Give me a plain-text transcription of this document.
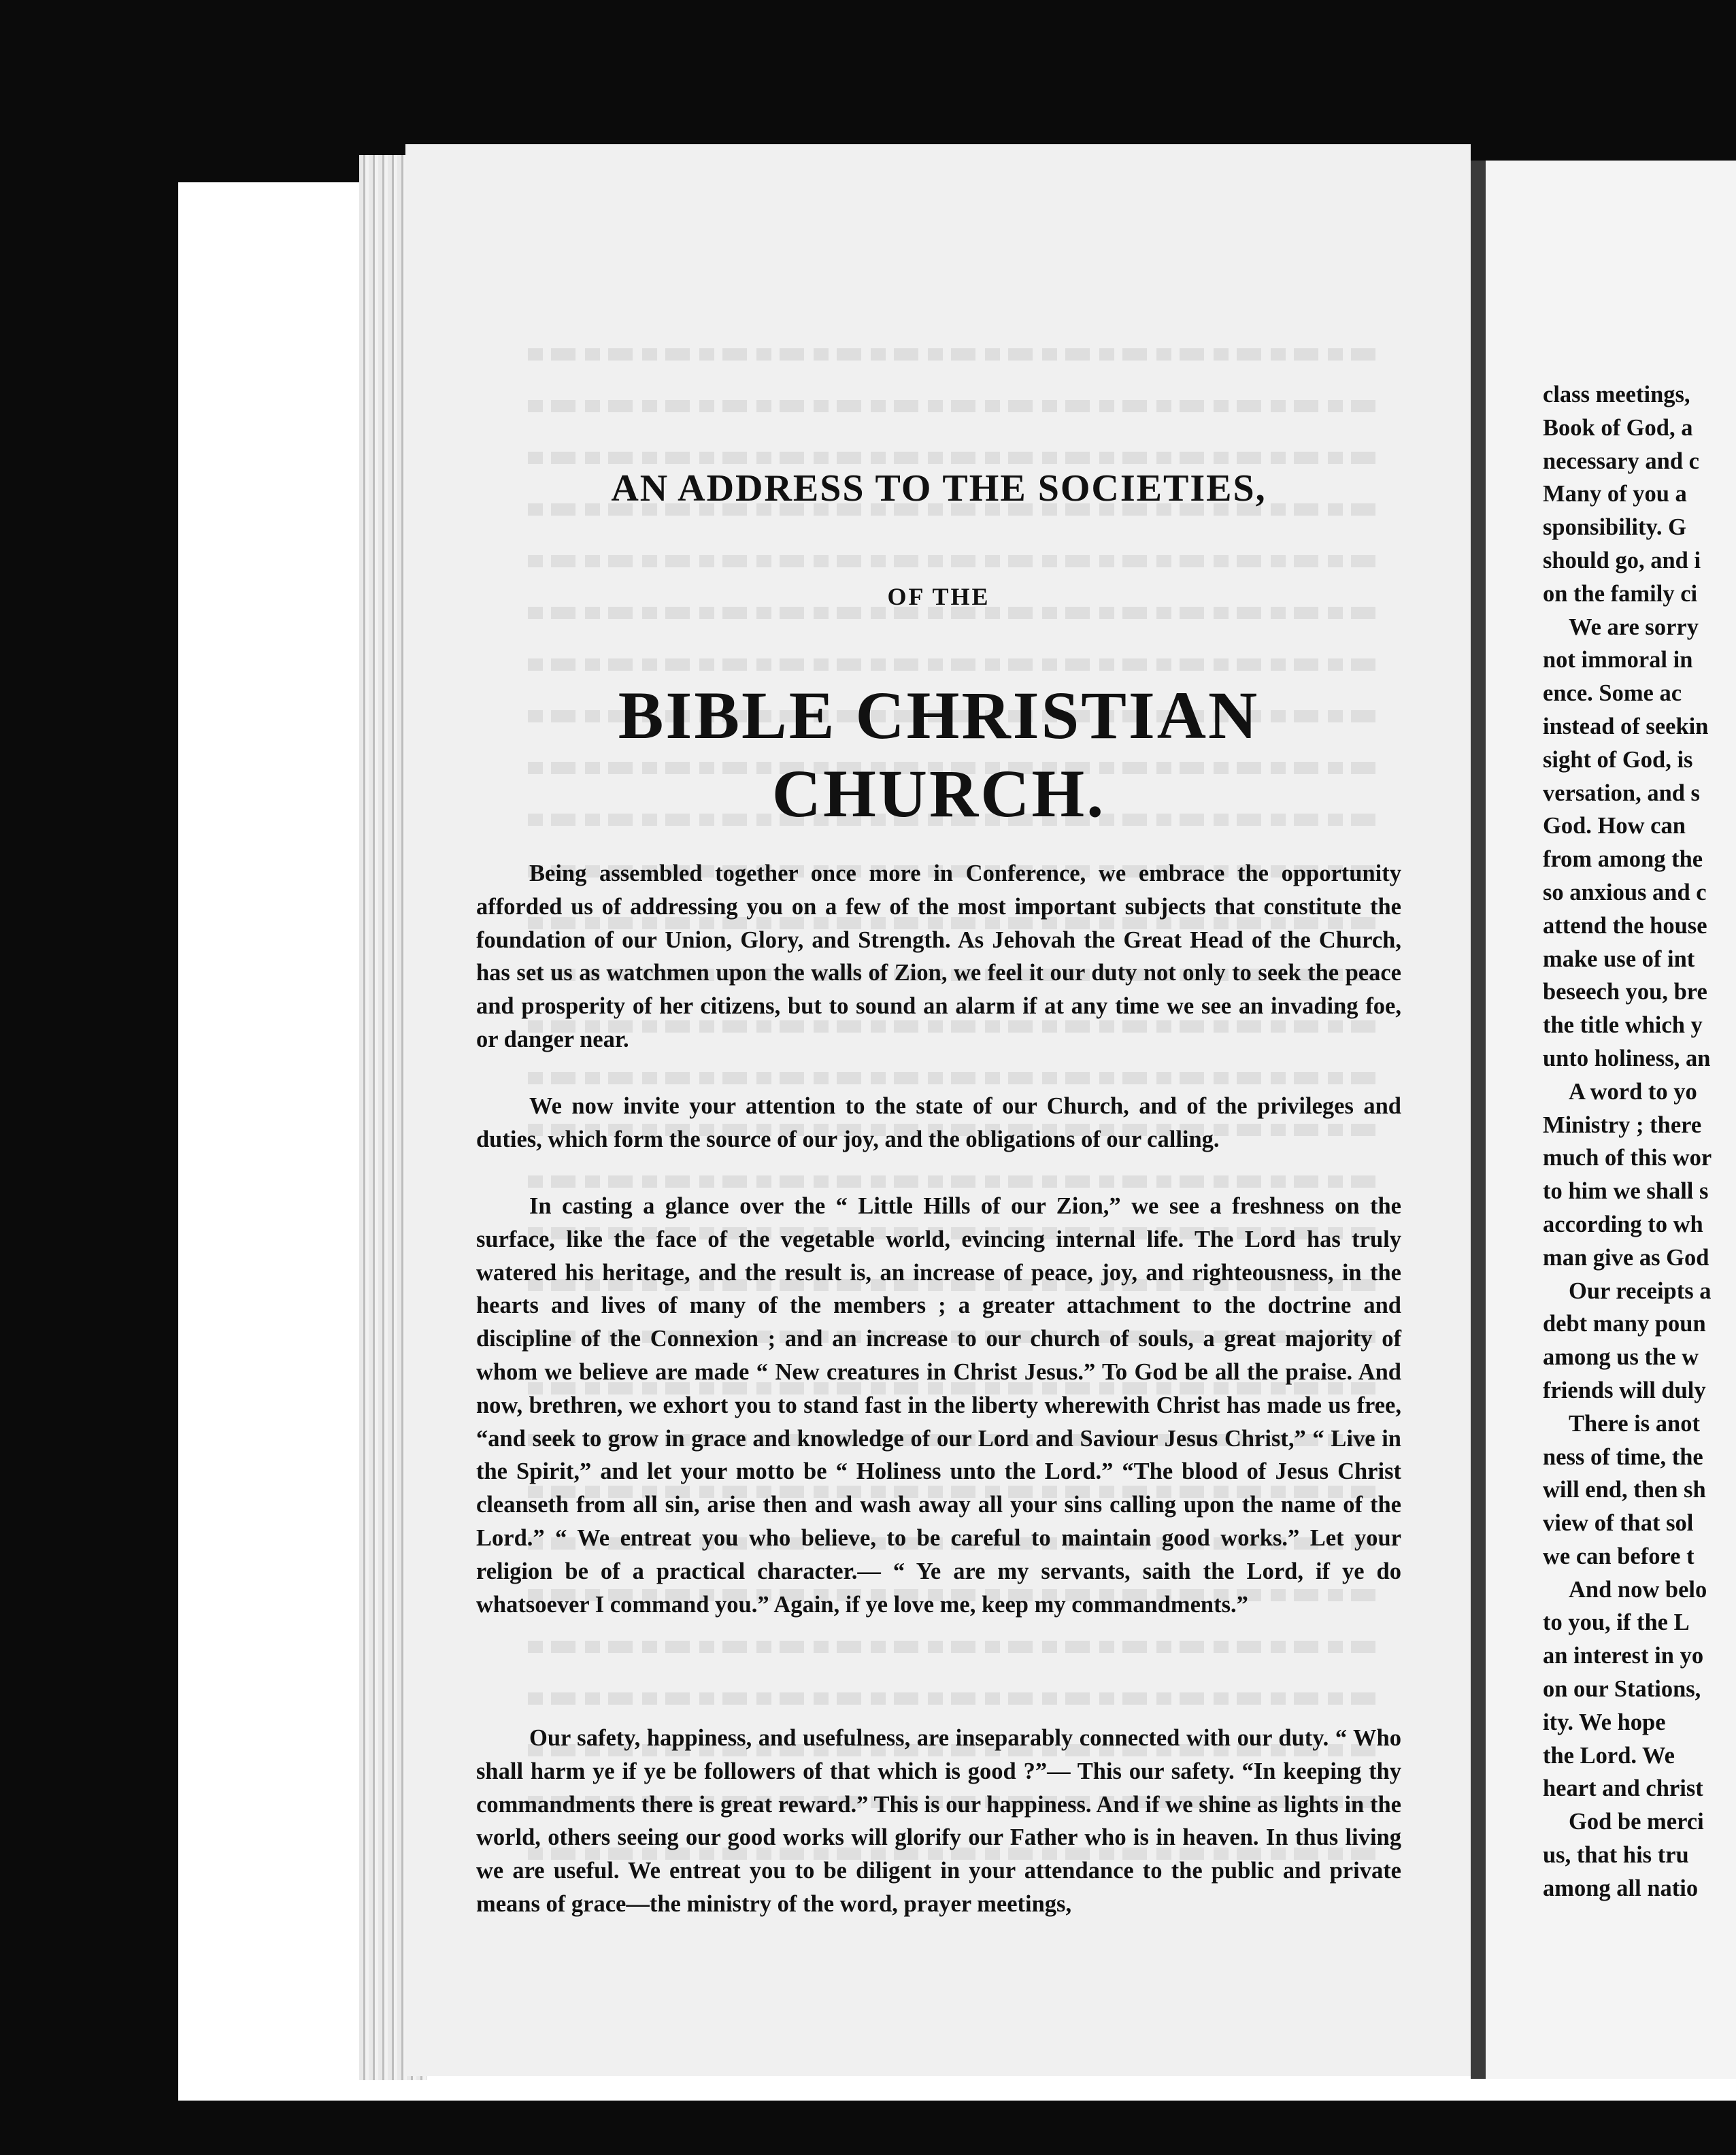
AN ADDRESS TO THE SOCIETIES,
OF THE
BIBLE CHRISTIAN CHURCH.

Being assembled together once more in Conference, we embrace the opportunity afforded us of addressing you on a few of the most important subjects that constitute the foundation of our Union, Glory, and Strength. As Jehovah the Great Head of the Church, has set us as watchmen upon the walls of Zion, we feel it our duty not only to seek the peace and prosperity of her citizens, but to sound an alarm if at any time we see an invading foe, or danger near.

We now invite your attention to the state of our Church, and of the privileges and duties, which form the source of our joy, and the obligations of our calling.

In casting a glance over the “ Little Hills of our Zion,” we see a freshness on the surface, like the face of the vegetable world, evincing internal life. The Lord has truly watered his heritage, and the result is, an increase of peace, joy, and righteousness, in the hearts and lives of many of the members ; a greater attachment to the doctrine and discipline of the Connexion ; and an increase to our church of souls, a great majority of whom we believe are made “ New creatures in Christ Jesus.” To God be all the praise. And now, brethren, we exhort you to stand fast in the liberty wherewith Christ has made us free, “and seek to grow in grace and knowledge of our Lord and Saviour Jesus Christ,” “ Live in the Spirit,” and let your motto be “ Holiness unto the Lord.” “The blood of Jesus Christ cleanseth from all sin, arise then and wash away all your sins calling upon the name of the Lord.” “ We entreat you who believe, to be careful to maintain good works.” Let your religion be of a practical character.— “ Ye are my servants, saith the Lord, if ye do whatsoever I command you.” Again, if ye love me, keep my commandments.”

Our safety, happiness, and usefulness, are inseparably connected with our duty. “ Who shall harm ye if ye be followers of that which is good ?”— This our safety. “In keeping thy commandments there is great reward.” This is our happiness. And if we shine as lights in the world, others seeing our good works will glorify our Father who is in heaven. In thus living we are useful. We entreat you to be diligent in your attendance to the public and private means of grace—the ministry of the word, prayer meetings,

class meetings,
Book of God, a
necessary and c
Many of you a
sponsibility. G
should go, and i
on the family ci
We are sorry
not immoral in
ence. Some ac
instead of seekin
sight of God, is
versation, and s
God. How can
from among the
so anxious and c
attend the house
make use of int
beseech you, bre
the title which y
unto holiness, an
A word to yo
Ministry ; there
much of this wor
to him we shall s
according to wh
man give as God
Our receipts a
debt many poun
among us the w
friends will duly
There is anot
ness of time, the
will end, then sh
view of that sol
we can before t
And now belo
to you, if the L
an interest in yo
on our Stations,
ity. We hope
the Lord. We
heart and christ
God be merci
us, that his tru
among all natio
